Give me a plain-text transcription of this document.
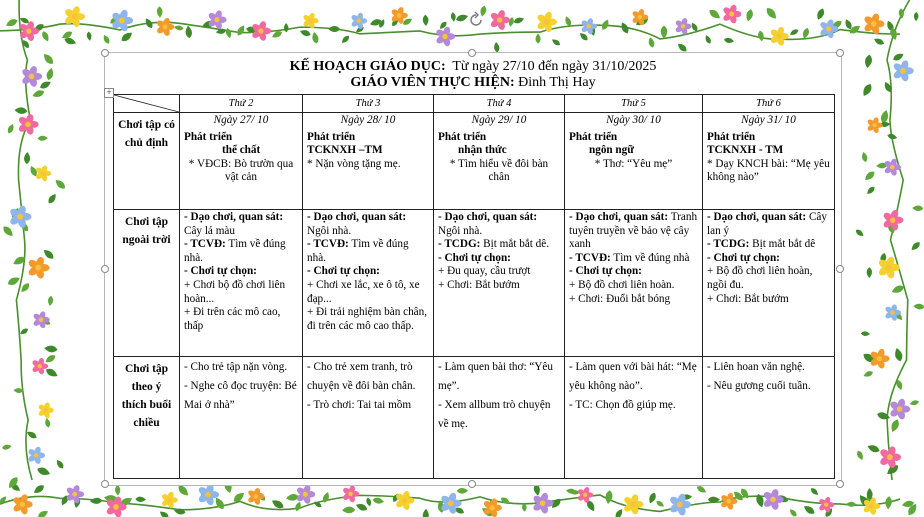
KẾ HOẠCH GIÁO DỤC: Từ ngày 27/10 đến ngày 31/10/2025
GIÁO VIÊN THỰC HIỆN: Đinh Thị Hay
	Thứ 2	Thứ 3	Thứ 4	Thứ 5	Thứ 6
Chơi tập có chủ định	Ngày 27/ 10
Phát triển
thể chất
* VĐCB: Bò trườn qua vật cản	Ngày 28/ 10
Phát triển
TCKNXH –TM
* Nặn vòng tặng mẹ.	Ngày 29/ 10
Phát triển
nhận thức
* Tìm hiểu về đôi bàn chân	Ngày 30/ 10
Phát triển
ngôn ngữ
* Thơ: “Yêu mẹ”	Ngày 31/ 10
Phát triển
TCKNXH - TM
* Dạy KNCH bài: “Mẹ yêu không nào”

Chơi tập ngoài trời	- Dạo chơi, quan sát: Cây lá màu
- TCVĐ: Tìm về đúng nhà.
- Chơi tự chọn:
+ Chơi bộ đồ chơi liên hoàn...
+ Đi trên các mô cao, thấp	- Dạo chơi, quan sát: Ngôi nhà.
- TCVĐ: Tìm về đúng nhà.
- Chơi tự chọn:
+ Chơi xe lắc, xe ô tô, xe đạp...
+ Đi trải nghiệm bàn chân, đi trên các mô cao thấp.	- Dạo chơi, quan sát: Ngôi nhà.
- TCDG: Bịt mắt bắt dê.
- Chơi tự chọn:
+ Đu quay, cầu trượt
+ Chơi: Bắt bướm	- Dạo chơi, quan sát: Tranh tuyên truyền về bảo vệ cây xanh
- TCVĐ: Tìm về đúng nhà
- Chơi tự chọn:
+ Bộ đồ chơi liên hoàn.
+ Chơi: Đuổi bắt bóng	- Dạo chơi, quan sát: Cây lan ý
- TCDG: Bịt mắt bắt dê
- Chơi tự chọn:
+ Bộ đồ chơi liên hoàn, ngồi đu.
+ Chơi: Bắt bướm

Chơi tập theo ý thích buổi chiều	- Cho trẻ tập nặn vòng.
- Nghe cô đọc truyện: Bé Mai ở nhà”	- Cho trẻ xem tranh, trò chuyện về đôi bàn chân.
- Trò chơi: Tai tai mồm	- Làm quen bài thơ: “Yêu mẹ”.
- Xem allbum trò chuyện về mẹ.	- Làm quen với bài hát: “Mẹ yêu không nào”.
- TC: Chọn đồ giúp mẹ.	- Liên hoan văn nghệ.
- Nêu gương cuối tuần.
+
